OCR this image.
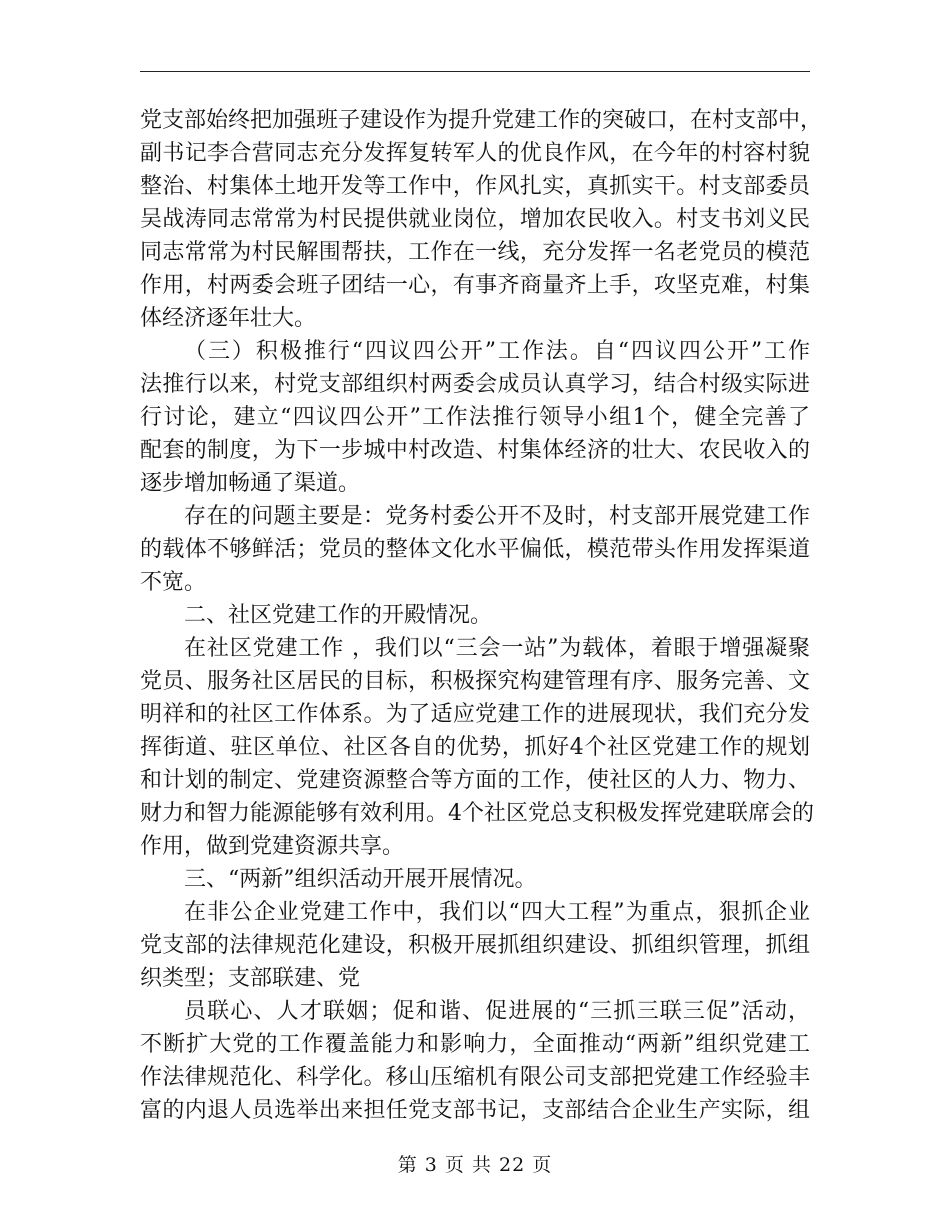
党支部始终把加强班子建设作为提升党建工作的突破口，在村支部中，
副书记李合营同志充分发挥复转军人的优良作风，在今年的村容村貌
整治、村集体土地开发等工作中，作风扎实，真抓实干。村支部委员
吴战涛同志常常为村民提供就业岗位，增加农民收入。村支书刘义民
同志常常为村民解围帮扶，工作在一线，充分发挥一名老党员的模范
作用，村两委会班子团结一心，有事齐商量齐上手，攻坚克难，村集
体经济逐年壮大。
（三）积极推行“四议四公开”工作法。自“四议四公开”工作
法推行以来，村党支部组织村两委会成员认真学习，结合村级实际进
行讨论，建立“四议四公开”工作法推行领导小组1个，健全完善了
配套的制度，为下一步城中村改造、村集体经济的壮大、农民收入的
逐步增加畅通了渠道。
存在的问题主要是：党务村委公开不及时，村支部开展党建工作
的载体不够鲜活；党员的整体文化水平偏低，模范带头作用发挥渠道
不宽。
二、社区党建工作的开殿情况。
在社区党建工作 ，我们以“三会一站”为载体，着眼于增强凝聚
党员、服务社区居民的目标，积极探究构建管理有序、服务完善、文
明祥和的社区工作体系。为了适应党建工作的进展现状，我们充分发
挥街道、驻区单位、社区各自的优势，抓好4个社区党建工作的规划
和计划的制定、党建资源整合等方面的工作，使社区的人力、物力、
财力和智力能源能够有效利用。4个社区党总支积极发挥党建联席会的
作用，做到党建资源共享。
三、“两新”组织活动开展开展情况。
在非公企业党建工作中，我们以“四大工程”为重点，狠抓企业
党支部的法律规范化建设，积极开展抓组织建设、抓组织管理，抓组
织类型；支部联建、党
员联心、人才联姻；促和谐、促进展的“三抓三联三促”活动，
不断扩大党的工作覆盖能力和影响力，全面推动“两新”组织党建工
作法律规范化、科学化。移山压缩机有限公司支部把党建工作经验丰
富的内退人员选举出来担任党支部书记，支部结合企业生产实际，组
第 3 页 共 22 页
